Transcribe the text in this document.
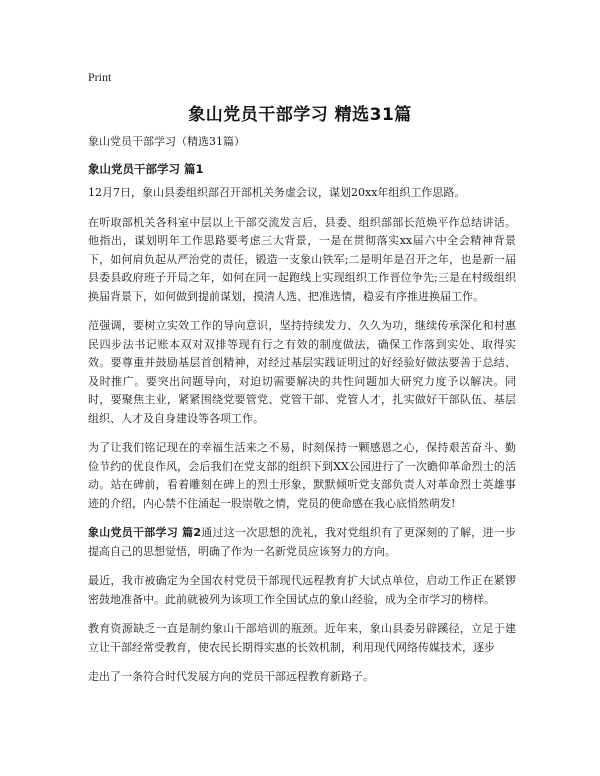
Print
象山党员干部学习 精选31篇

象山党员干部学习（精选31篇）

象山党员干部学习 篇1

12月7日，象山县委组织部召开部机关务虚会议，谋划20xx年组织工作思路。

在听取部机关各科室中层以上干部交流发言后，县委、组织部部长范焕平作总结讲话。他指出，谋划明年工作思路要考虑三大背景，一是在贯彻落实xx届六中全会精神背景下，如何肩负起从严治党的责任，锻造一支象山铁军;二是明年是召开之年，也是新一届县委县政府班子开局之年，如何在同一起跑线上实现组织工作晋位争先;三是在村级组织换届背景下，如何做到提前谋划，摸清人选、把准选情，稳妥有序推进换届工作。

范强调，要树立实效工作的导向意识，坚持持续发力、久久为功，继续传承深化和村惠民四步法书记账本双对双排等现有行之有效的制度做法，确保工作落到实处、取得实效。要尊重并鼓励基层首创精神，对经过基层实践证明过的好经验好做法要善于总结、及时推广。要突出问题导向，对迫切需要解决的共性问题加大研究力度予以解决。同时，要聚焦主业，紧紧围绕党要管党、党管干部、党管人才，扎实做好干部队伍、基层组织、人才及自身建设等各项工作。

为了让我们铭记现在的幸福生活来之不易，时刻保持一颗感恩之心，保持艰苦奋斗、勤俭节约的优良作风，会后我们在党支部的组织下到XX公园进行了一次瞻仰革命烈士的活动。站在碑前，看着雕刻在碑上的烈士形象，默默倾听党支部负责人对革命烈士英雄事迹的介绍，内心禁不住涌起一股崇敬之情，党员的使命感在我心底悄然萌发!

象山党员干部学习 篇2通过这一次思想的洗礼，我对党组织有了更深刻的了解，进一步提高自己的思想觉悟，明确了作为一名新党员应该努力的方向。

最近，我市被确定为全国农村党员干部现代远程教育扩大试点单位，启动工作正在紧锣密鼓地准备中。此前就被列为该项工作全国试点的象山经验，成为全市学习的榜样。

教育资源缺乏一直是制约象山干部培训的瓶颈。近年来，象山县委另辟蹊径，立足于建立让干部经常受教育，使农民长期得实惠的长效机制，利用现代网络传媒技术，逐步

走出了一条符合时代发展方向的党员干部远程教育新路子。
